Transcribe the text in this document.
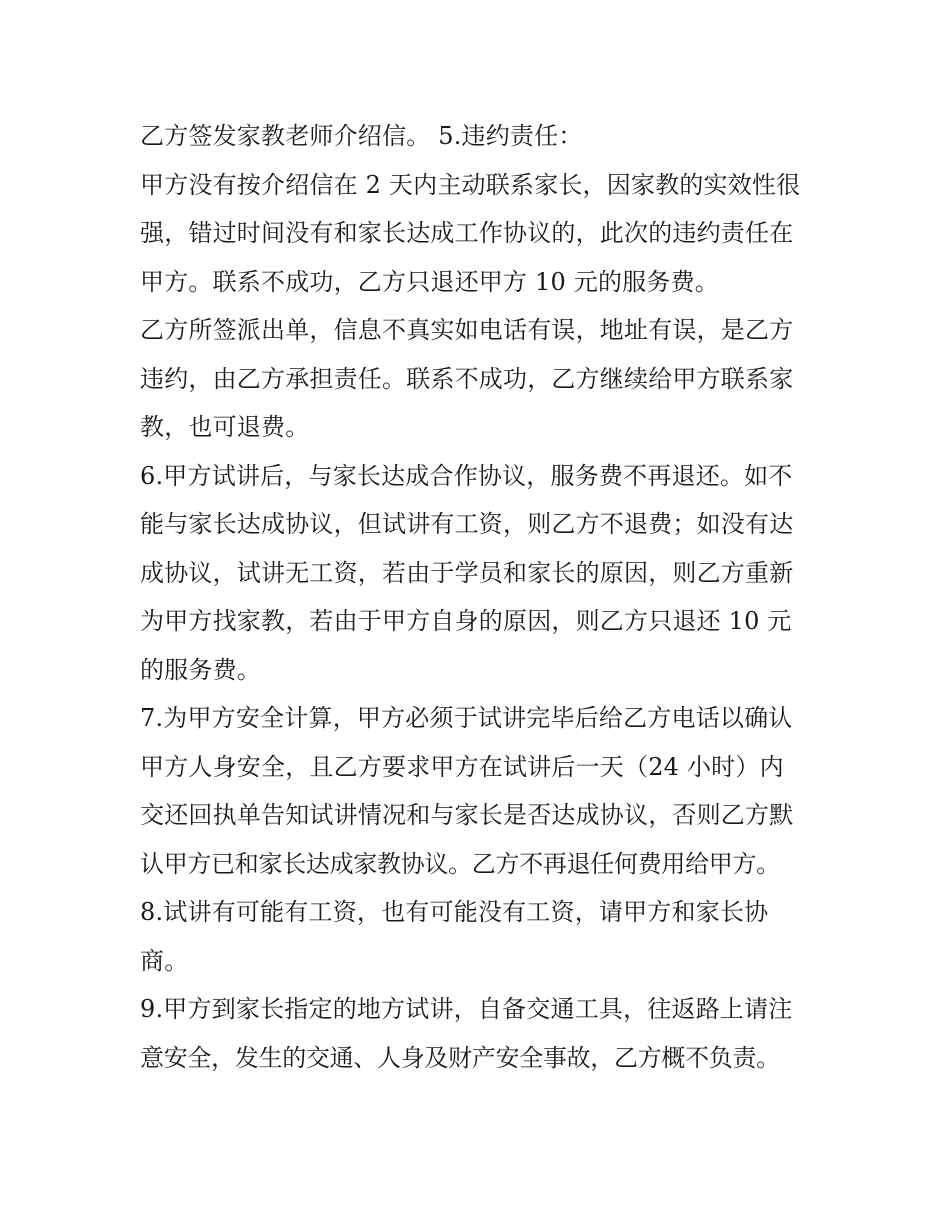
乙方签发家教老师介绍信。 5.违约责任：
甲方没有按介绍信在 2 天内主动联系家长，因家教的实效性很
强，错过时间没有和家长达成工作协议的，此次的违约责任在
甲方。联系不成功，乙方只退还甲方 10 元的服务费。
乙方所签派出单，信息不真实如电话有误，地址有误，是乙方
违约，由乙方承担责任。联系不成功，乙方继续给甲方联系家
教，也可退费。
6.甲方试讲后，与家长达成合作协议，服务费不再退还。如不
能与家长达成协议，但试讲有工资，则乙方不退费；如没有达
成协议，试讲无工资，若由于学员和家长的原因，则乙方重新
为甲方找家教，若由于甲方自身的原因，则乙方只退还 10 元
的服务费。
7.为甲方安全计算，甲方必须于试讲完毕后给乙方电话以确认
甲方人身安全，且乙方要求甲方在试讲后一天（24 小时）内
交还回执单告知试讲情况和与家长是否达成协议，否则乙方默
认甲方已和家长达成家教协议。乙方不再退任何费用给甲方。
8.试讲有可能有工资，也有可能没有工资，请甲方和家长协
商。
9.甲方到家长指定的地方试讲，自备交通工具，往返路上请注
意安全，发生的交通、人身及财产安全事故，乙方概不负责。
